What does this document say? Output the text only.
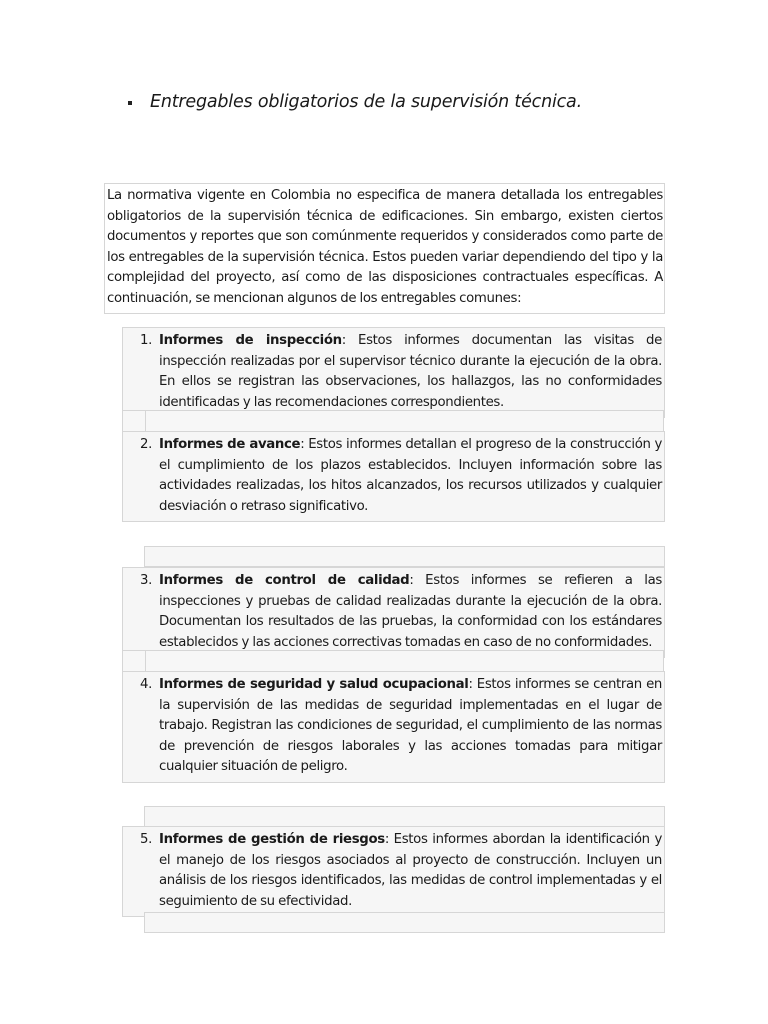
Entregables obligatorios de la supervisión técnica.
La normativa vigente en Colombia no especifica de manera detallada los entregables obligatorios de la supervisión técnica de edificaciones. Sin embargo, existen ciertos documentos y reportes que son comúnmente requeridos y considerados como parte de los entregables de la supervisión técnica. Estos pueden variar dependiendo del tipo y la complejidad del proyecto, así como de las disposiciones contractuales específicas. A continuación, se mencionan algunos de los entregables comunes:
1. Informes de inspección: Estos informes documentan las visitas de inspección realizadas por el supervisor técnico durante la ejecución de la obra. En ellos se registran las observaciones, los hallazgos, las no conformidades identificadas y las recomendaciones correspondientes.
2. Informes de avance: Estos informes detallan el progreso de la construcción y el cumplimiento de los plazos establecidos. Incluyen información sobre las actividades realizadas, los hitos alcanzados, los recursos utilizados y cualquier desviación o retraso significativo.
3. Informes de control de calidad: Estos informes se refieren a las inspecciones y pruebas de calidad realizadas durante la ejecución de la obra. Documentan los resultados de las pruebas, la conformidad con los estándares establecidos y las acciones correctivas tomadas en caso de no conformidades.
4. Informes de seguridad y salud ocupacional: Estos informes se centran en la supervisión de las medidas de seguridad implementadas en el lugar de trabajo. Registran las condiciones de seguridad, el cumplimiento de las normas de prevención de riesgos laborales y las acciones tomadas para mitigar cualquier situación de peligro.
5. Informes de gestión de riesgos: Estos informes abordan la identificación y el manejo de los riesgos asociados al proyecto de construcción. Incluyen un análisis de los riesgos identificados, las medidas de control implementadas y el seguimiento de su efectividad.
